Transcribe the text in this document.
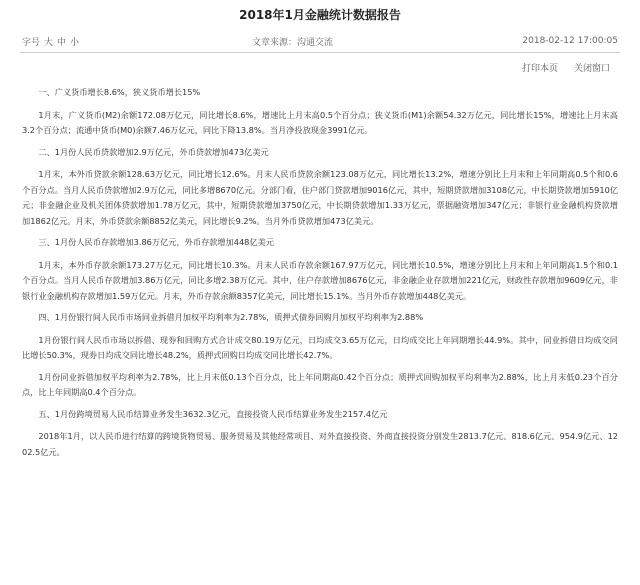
2018年1月金融统计数据报告
字号 大 中 小	文章来源：沟通交流	2018-02-12 17:00:05
打印本页 关闭窗口

一、广义货币增长8.6%，狭义货币增长15%

1月末，广义货币(M2)余额172.08万亿元，同比增长8.6%，增速比上月末高0.5个百分点；狭义货币(M1)余额54.32万亿元，同比增长15%，增速比上月末高3.2个百分点；流通中货币(M0)余额7.46万亿元，同比下降13.8%。当月净投放现金3991亿元。

二、1月份人民币贷款增加2.9万亿元，外币贷款增加473亿美元

1月末，本外币贷款余额128.63万亿元，同比增长12.6%。月末人民币贷款余额123.08万亿元，同比增长13.2%，增速分别比上月末和上年同期高0.5个和0.6个百分点。当月人民币贷款增加2.9万亿元，同比多增8670亿元。分部门看，住户部门贷款增加9016亿元，其中，短期贷款增加3108亿元，中长期贷款增加5910亿元；非金融企业及机关团体贷款增加1.78万亿元，其中，短期贷款增加3750亿元，中长期贷款增加1.33万亿元，票据融资增加347亿元；非银行业金融机构贷款增加1862亿元。月末，外币贷款余额8852亿美元，同比增长9.2%。当月外币贷款增加473亿美元。

三、1月份人民币存款增加3.86万亿元，外币存款增加448亿美元

1月末，本外币存款余额173.27万亿元，同比增长10.3%。月末人民币存款余额167.97万亿元，同比增长10.5%，增速分别比上月末和上年同期高1.5个和0.1个百分点。当月人民币存款增加3.86万亿元，同比多增2.38万亿元。其中，住户存款增加8676亿元，非金融企业存款增加221亿元，财政性存款增加9609亿元，非银行业金融机构存款增加1.59万亿元。月末，外币存款余额8357亿美元，同比增长15.1%。当月外币存款增加448亿美元。

四、1月份银行间人民币市场同业拆借月加权平均利率为2.78%，质押式债券回购月加权平均利率为2.88%

1月份银行间人民币市场以拆借、现券和回购方式合计成交80.19万亿元，日均成交3.65万亿元，日均成交比上年同期增长44.9%。其中，同业拆借日均成交同比增长50.3%，现券日均成交同比增长48.2%，质押式回购日均成交同比增长42.7%。

1月份同业拆借加权平均利率为2.78%，比上月末低0.13个百分点，比上年同期高0.42个百分点；质押式回购加权平均利率为2.88%，比上月末低0.23个百分点，比上年同期高0.4个百分点。

五、1月份跨境贸易人民币结算业务发生3632.3亿元，直接投资人民币结算业务发生2157.4亿元

2018年1月，以人民币进行结算的跨境货物贸易、服务贸易及其他经常项目、对外直接投资、外商直接投资分别发生2813.7亿元、818.6亿元、954.9亿元、1202.5亿元。
